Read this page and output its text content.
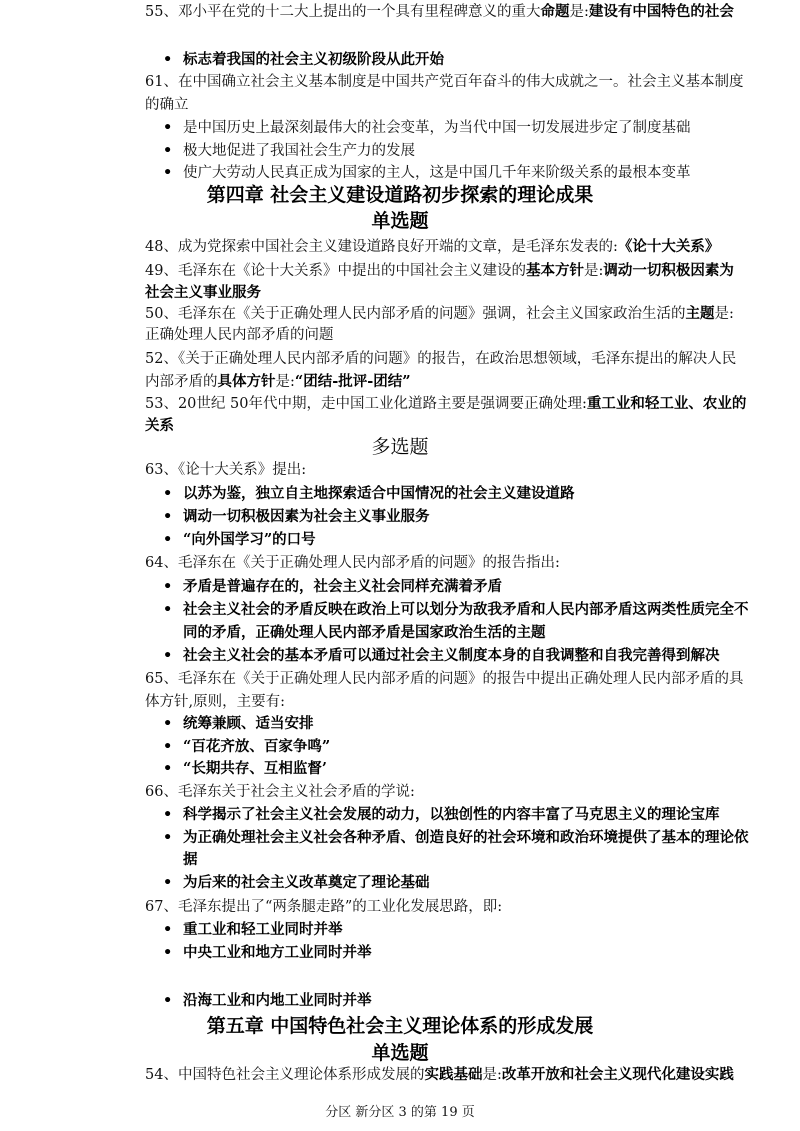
• 标志着我国的社会主义初级阶段从此开始
61、在中国确立社会主义基本制度是中国共产党百年奋斗的伟大成就之一。社会主义基本制度
的确立
• 是中国历史上最深刻最伟大的社会变革，为当代中国一切发展进步定了制度基础
• 极大地促进了我国社会生产力的发展
• 使广大劳动人民真正成为国家的主人，这是中国几千年来阶级关系的最根本变革
第四章 社会主义建设道路初步探索的理论成果
单选题
48、成为党探索中国社会主义建设道路良好开端的文章，是毛泽东发表的:《论十大关系》
49、毛泽东在《论十大关系》中提出的中国社会主义建设的基本方针是:调动一切积极因素为
社会主义事业服务
50、毛泽东在《关于正确处理人民内部矛盾的问题》强调，社会主义国家政治生活的主题是:
正确处理人民内部矛盾的问题
52、《关于正确处理人民内部矛盾的问题》的报告，在政治思想领域，毛泽东提出的解决人民
内部矛盾的具体方针是:“团结-批评-团结”
53、20世纪 50年代中期，走中国工业化道路主要是强调要正确处理:重工业和轻工业、农业的
关系
多选题
63、《论十大关系》提出:
• 以苏为鉴，独立自主地探索适合中国情况的社会主义建设道路
• 调动一切积极因素为社会主义事业服务
• “向外国学习”的口号
64、毛泽东在《关于正确处理人民内部矛盾的问题》的报告指出:
• 矛盾是普遍存在的，社会主义社会同样充满着矛盾
• 社会主义社会的矛盾反映在政治上可以划分为敌我矛盾和人民内部矛盾这两类性质完全不
同的矛盾，正确处理人民内部矛盾是国家政治生活的主题
• 社会主义社会的基本矛盾可以通过社会主义制度本身的自我调整和自我完善得到解决
65、毛泽东在《关于正确处理人民内部矛盾的问题》的报告中提出正确处理人民内部矛盾的具
体方针,原则，主要有:
• 统筹兼顾、适当安排
• “百花齐放、百家争鸣”
• “长期共存、互相监督’
66、毛泽东关于社会主义社会矛盾的学说:
• 科学揭示了社会主义社会发展的动力，以独创性的内容丰富了马克思主义的理论宝库
• 为正确处理社会主义社会各种矛盾、创造良好的社会环境和政治环境提供了基本的理论依
据
• 为后来的社会主义改革奠定了理论基础
67、毛泽东提出了“两条腿走路”的工业化发展思路，即:
• 重工业和轻工业同时并举
• 中央工业和地方工业同时并举
• 沿海工业和内地工业同时并举
第五章 中国特色社会主义理论体系的形成发展
单选题
54、中国特色社会主义理论体系形成发展的实践基础是:改革开放和社会主义现代化建设实践
55、邓小平在党的十二大上提出的一个具有里程碑意义的重大命题是:建设有中国特色的社会
分区 新分区 3 的第 19 页
